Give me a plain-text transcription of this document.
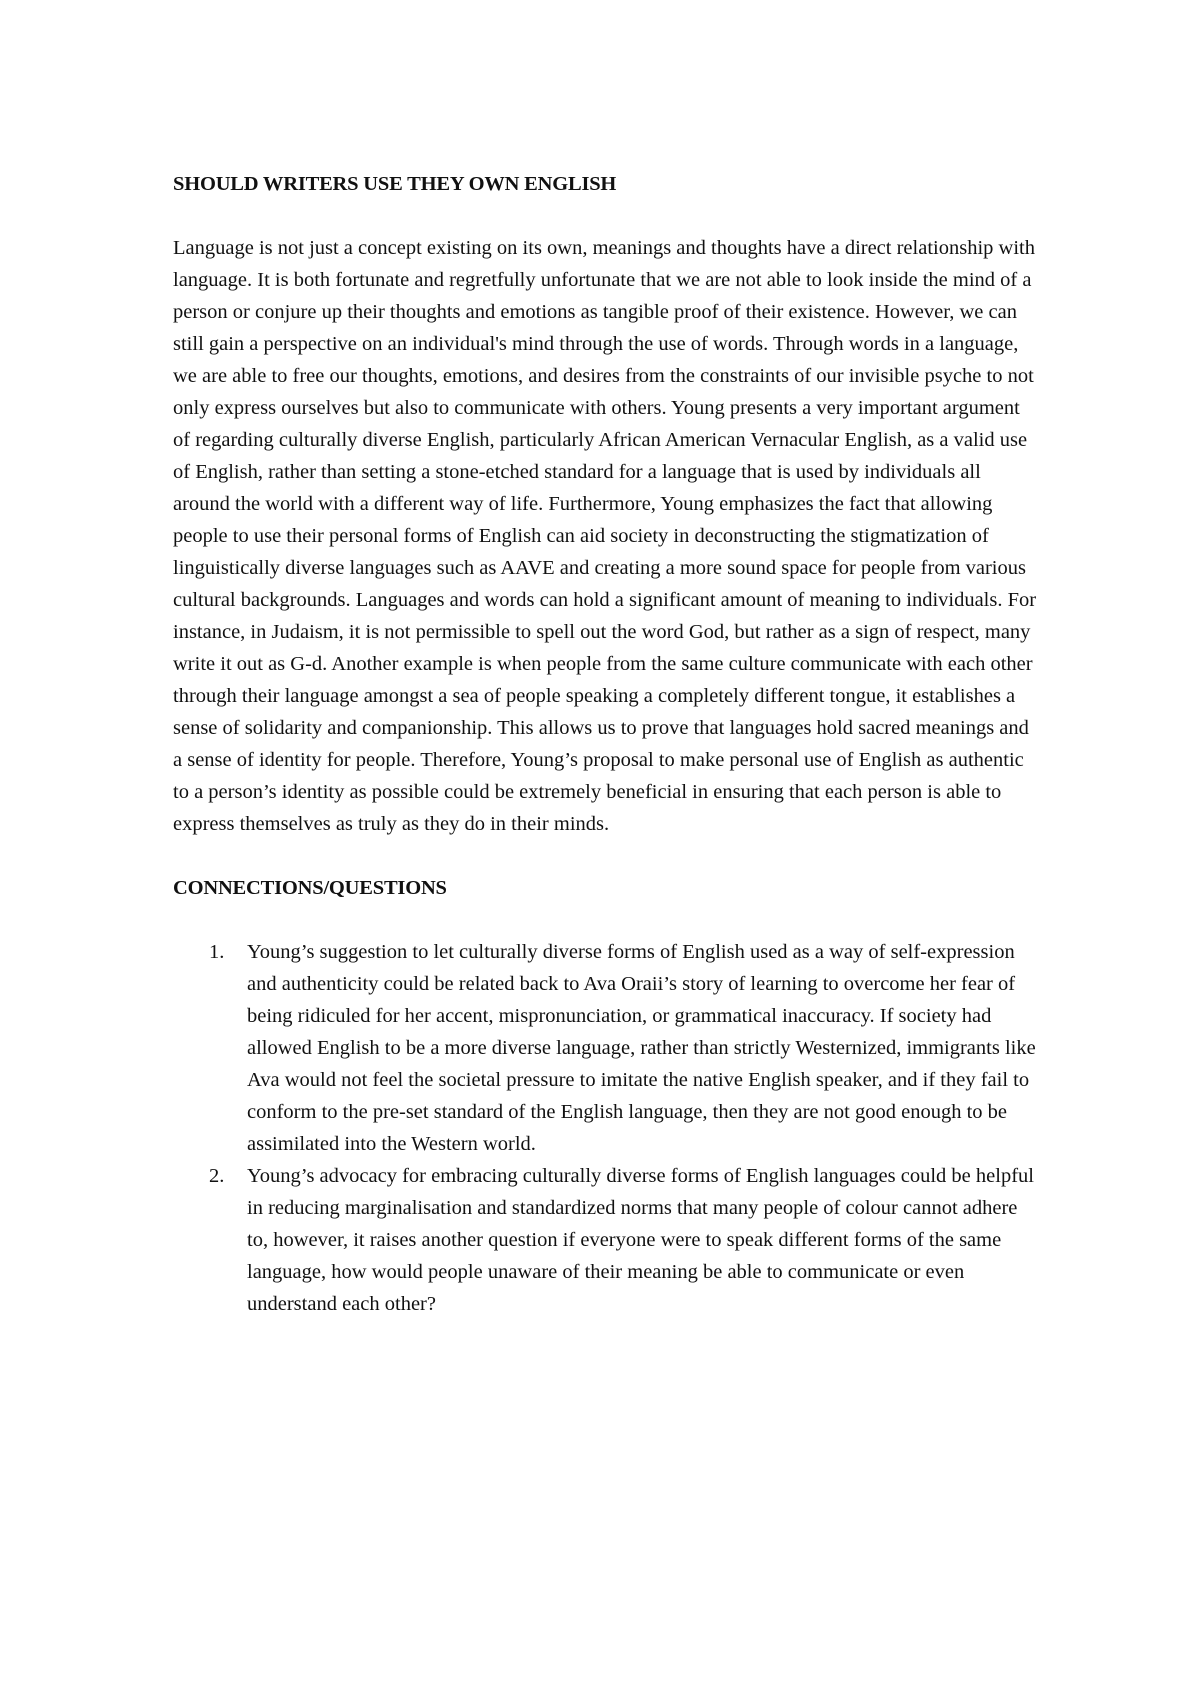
SHOULD WRITERS USE THEY OWN ENGLISH

Language is not just a concept existing on its own, meanings and thoughts have a direct relationship with language. It is both fortunate and regretfully unfortunate that we are not able to look inside the mind of a person or conjure up their thoughts and emotions as tangible proof of their existence. However, we can still gain a perspective on an individual's mind through the use of words. Through words in a language, we are able to free our thoughts, emotions, and desires from the constraints of our invisible psyche to not only express ourselves but also to communicate with others. Young presents a very important argument of regarding culturally diverse English, particularly African American Vernacular English, as a valid use of English, rather than setting a stone-etched standard for a language that is used by individuals all around the world with a different way of life. Furthermore, Young emphasizes the fact that allowing people to use their personal forms of English can aid society in deconstructing the stigmatization of linguistically diverse languages such as AAVE and creating a more sound space for people from various cultural backgrounds. Languages and words can hold a significant amount of meaning to individuals. For instance, in Judaism, it is not permissible to spell out the word God, but rather as a sign of respect, many write it out as G-d. Another example is when people from the same culture communicate with each other through their language amongst a sea of people speaking a completely different tongue, it establishes a sense of solidarity and companionship. This allows us to prove that languages hold sacred meanings and a sense of identity for people. Therefore, Young’s proposal to make personal use of English as authentic to a person’s identity as possible could be extremely beneficial in ensuring that each person is able to express themselves as truly as they do in their minds.

CONNECTIONS/QUESTIONS
1. Young’s suggestion to let culturally diverse forms of English used as a way of self-expression and authenticity could be related back to Ava Oraii’s story of learning to overcome her fear of being ridiculed for her accent, mispronunciation, or grammatical inaccuracy. If society had allowed English to be a more diverse language, rather than strictly Westernized, immigrants like Ava would not feel the societal pressure to imitate the native English speaker, and if they fail to conform to the pre-set standard of the English language, then they are not good enough to be assimilated into the Western world.
2. Young’s advocacy for embracing culturally diverse forms of English languages could be helpful in reducing marginalisation and standardized norms that many people of colour cannot adhere to, however, it raises another question if everyone were to speak different forms of the same language, how would people unaware of their meaning be able to communicate or even understand each other?
